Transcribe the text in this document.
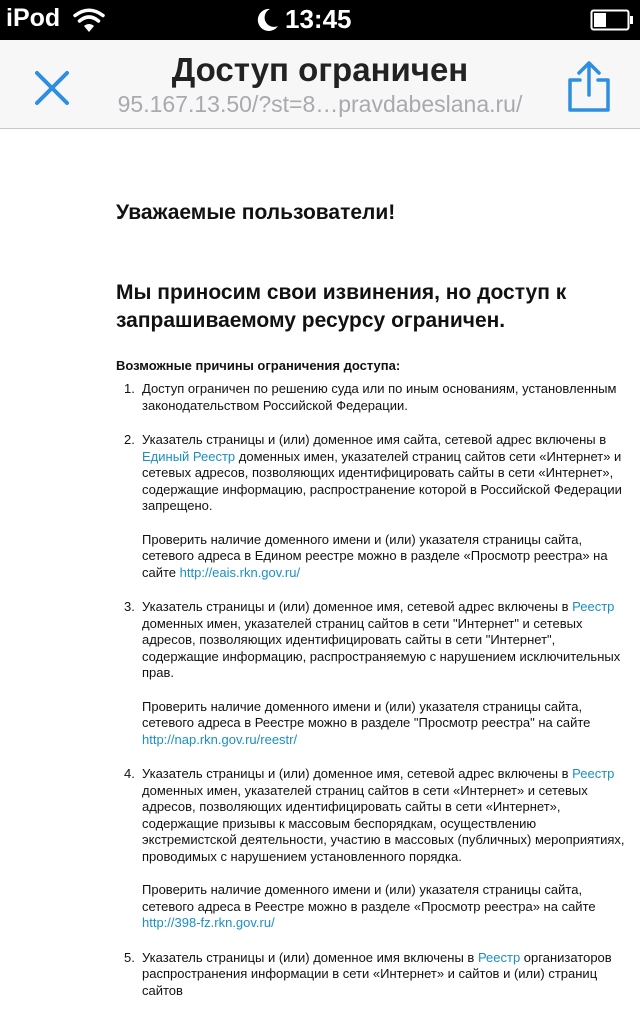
iPod	13:45
Доступ ограничен
95.167.13.50/?st=8…pravdabeslana.ru/
Уважаемые пользователи!
Мы приносим свои извинения, но доступ к запрашиваемому ресурсу ограничен.
Возможные причины ограничения доступа:
1. Доступ ограничен по решению суда или по иным основаниям, установленным законодательством Российской Федерации.

2. Указатель страницы и (или) доменное имя сайта, сетевой адрес включены в Единый Реестр доменных имен, указателей страниц сайтов сети «Интернет» и сетевых адресов, позволяющих идентифицировать сайты в сети «Интернет», содержащие информацию, распространение которой в Российской Федерации запрещено.

Проверить наличие доменного имени и (или) указателя страницы сайта, сетевого адреса в Едином реестре можно в разделе «Просмотр реестра» на сайте http://eais.rkn.gov.ru/

3. Указатель страницы и (или) доменное имя, сетевой адрес включены в Реестр доменных имен, указателей страниц сайтов в сети "Интернет" и сетевых адресов, позволяющих идентифицировать сайты в сети "Интернет", содержащие информацию, распространяемую с нарушением исключительных прав.

Проверить наличие доменного имени и (или) указателя страницы сайта, сетевого адреса в Реестре можно в разделе "Просмотр реестра" на сайте http://nap.rkn.gov.ru/reestr/

4. Указатель страницы и (или) доменное имя, сетевой адрес включены в Реестр доменных имен, указателей страниц сайтов в сети «Интернет» и сетевых адресов, позволяющих идентифицировать сайты в сети «Интернет», содержащие призывы к массовым беспорядкам, осуществлению экстремистской деятельности, участию в массовых (публичных) мероприятиях, проводимых с нарушением установленного порядка.

Проверить наличие доменного имени и (или) указателя страницы сайта, сетевого адреса в Реестре можно в разделе «Просмотр реестра» на сайте http://398-fz.rkn.gov.ru/

5. Указатель страницы и (или) доменное имя включены в Реестр организаторов распространения информации в сети «Интернет» и сайтов и (или) страниц сайтов
